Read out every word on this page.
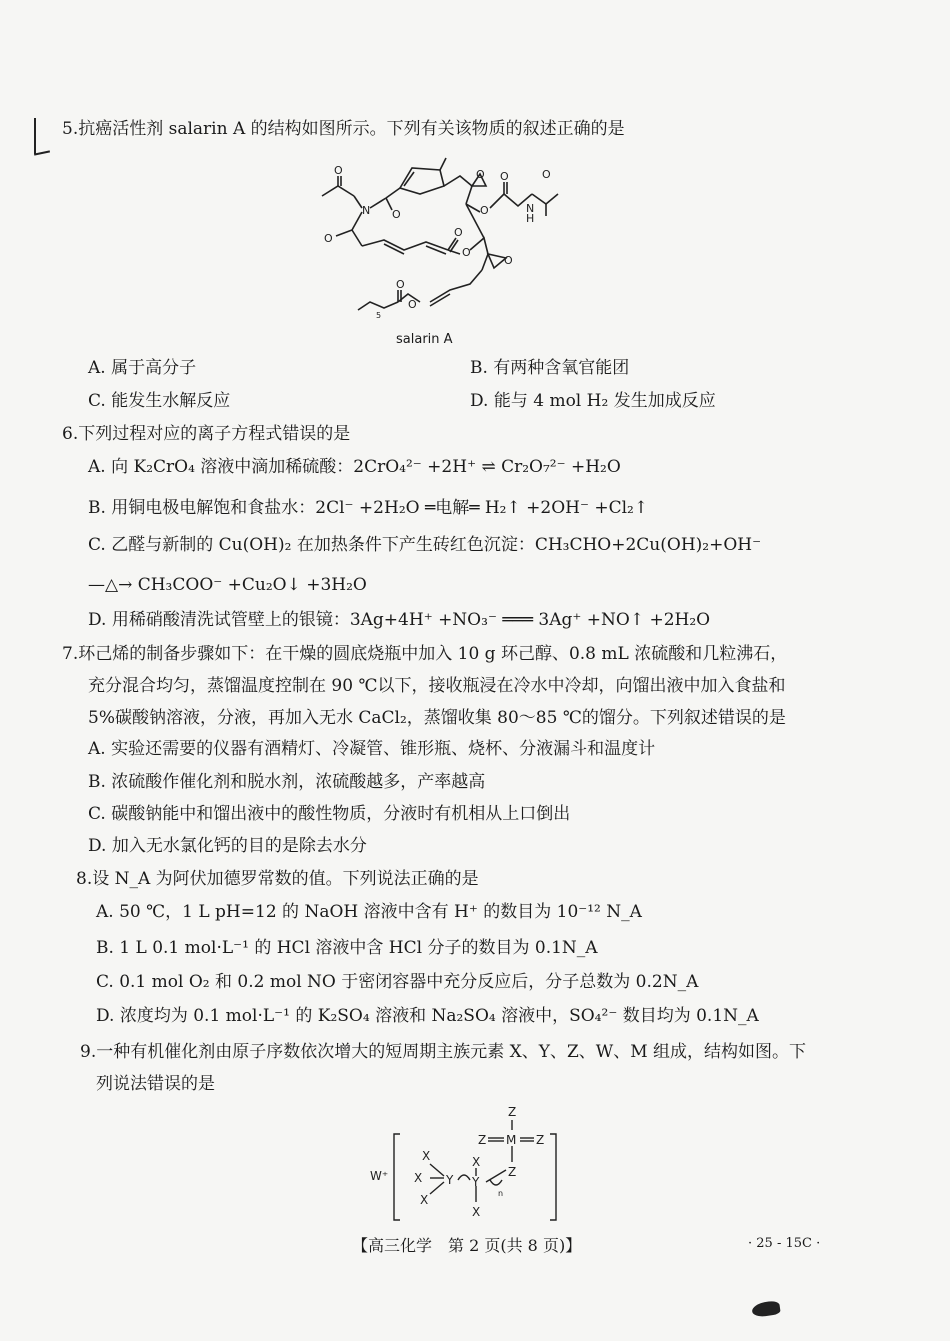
5.抗癌活性剂 salarin A 的结构如图所示。下列有关该物质的叙述正确的是
O
N O
O	O
O
O
O
O
N
H
O
O
O
O
5
salarin A
A. 属于高分子	B. 有两种含氧官能团
C. 能发生水解反应	D. 能与 4 mol H₂ 发生加成反应
6.下列过程对应的离子方程式错误的是
A. 向 K₂CrO₄ 溶液中滴加稀硫酸：2CrO₄²⁻ +2H⁺ ⇌ Cr₂O₇²⁻ +H₂O
B. 用铜电极电解饱和食盐水：2Cl⁻ +2H₂O ═电解═ H₂↑ +2OH⁻ +Cl₂↑
C. 乙醛与新制的 Cu(OH)₂ 在加热条件下产生砖红色沉淀：CH₃CHO+2Cu(OH)₂+OH⁻
—△→ CH₃COO⁻ +Cu₂O↓ +3H₂O
D. 用稀硝酸清洗试管壁上的银镜：3Ag+4H⁺ +NO₃⁻ ═══ 3Ag⁺ +NO↑ +2H₂O
7.环己烯的制备步骤如下：在干燥的圆底烧瓶中加入 10 g 环己醇、0.8 mL 浓硫酸和几粒沸石，
充分混合均匀，蒸馏温度控制在 90 ℃以下，接收瓶浸在冷水中冷却，向馏出液中加入食盐和
5%碳酸钠溶液，分液，再加入无水 CaCl₂，蒸馏收集 80～85 ℃的馏分。下列叙述错误的是
A. 实验还需要的仪器有酒精灯、冷凝管、锥形瓶、烧杯、分液漏斗和温度计
B. 浓硫酸作催化剂和脱水剂，浓硫酸越多，产率越高
C. 碳酸钠能中和馏出液中的酸性物质，分液时有机相从上口倒出
D. 加入无水氯化钙的目的是除去水分
8.设 N_A 为阿伏加德罗常数的值。下列说法正确的是
A. 50 ℃，1 L pH=12 的 NaOH 溶液中含有 H⁺ 的数目为 10⁻¹² N_A
B. 1 L 0.1 mol·L⁻¹ 的 HCl 溶液中含 HCl 分子的数目为 0.1N_A
C. 0.1 mol O₂ 和 0.2 mol NO 于密闭容器中充分反应后，分子总数为 0.2N_A
D. 浓度均为 0.1 mol·L⁻¹ 的 K₂SO₄ 溶液和 Na₂SO₄ 溶液中，SO₄²⁻ 数目均为 0.1N_A
9.一种有机催化剂由原子序数依次增大的短周期主族元素 X、Y、Z、W、M 组成，结构如图。下
列说法错误的是
W⁺
Z
Z M Z
Z
X
X
X
Y
X
Y
X
n
【高三化学　第 2 页(共 8 页)】	· 25 - 15C ·
